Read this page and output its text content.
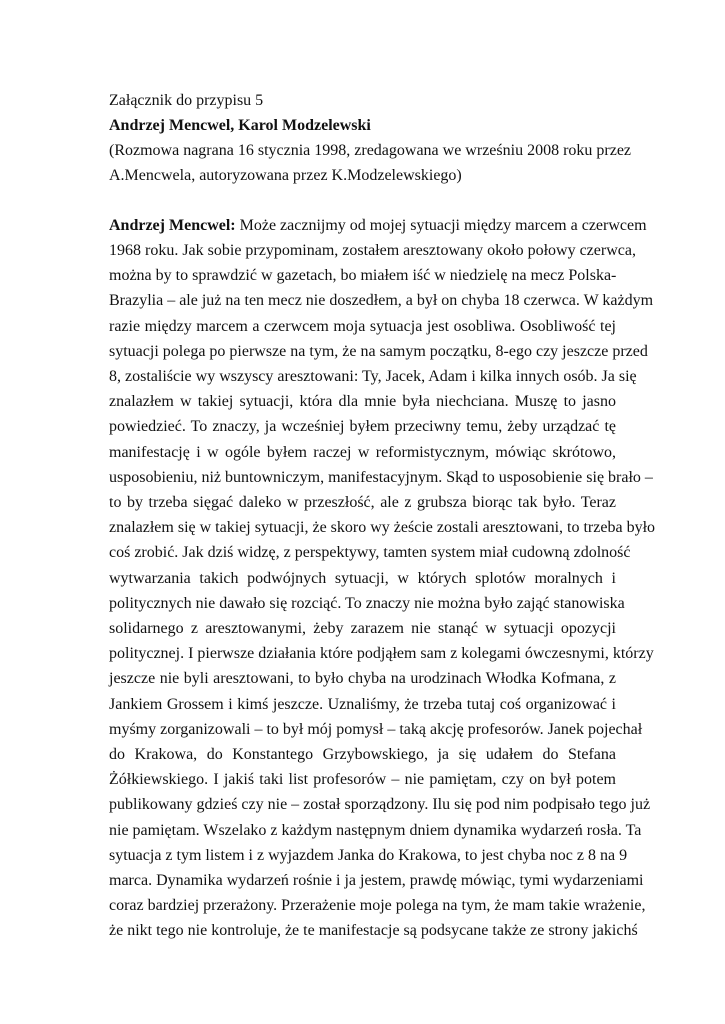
Załącznik do przypisu 5
Andrzej Mencwel, Karol Modzelewski
(Rozmowa nagrana 16 stycznia 1998, zredagowana we wrześniu 2008 roku przez
A.Mencwela, autoryzowana przez K.Modzelewskiego)
Andrzej Mencwel: Może zacznijmy od mojej sytuacji między marcem a czerwcem
1968 roku. Jak sobie przypominam, zostałem aresztowany około połowy czerwca,
można by to sprawdzić w gazetach, bo miałem iść w niedzielę na mecz Polska-
Brazylia – ale już na ten mecz nie doszedłem, a był on chyba 18 czerwca. W każdym
razie między marcem a czerwcem moja sytuacja jest osobliwa. Osobliwość tej
sytuacji polega po pierwsze na tym, że na samym początku, 8-ego czy jeszcze przed
8, zostaliście wy wszyscy aresztowani: Ty, Jacek, Adam i kilka innych osób. Ja się
znalazłem w takiej sytuacji, która dla mnie była niechciana. Muszę to jasno
powiedzieć. To znaczy, ja wcześniej byłem przeciwny temu, żeby urządzać tę
manifestację i w ogóle byłem raczej w reformistycznym, mówiąc skrótowo,
usposobieniu, niż buntowniczym, manifestacyjnym. Skąd to usposobienie się brało –
to by trzeba sięgać daleko w przeszłość, ale z grubsza biorąc tak było. Teraz
znalazłem się w takiej sytuacji, że skoro wy żeście zostali aresztowani, to trzeba było
coś zrobić. Jak dziś widzę, z perspektywy, tamten system miał cudowną zdolność
wytwarzania takich podwójnych sytuacji, w których splotów moralnych i
politycznych nie dawało się rozciąć. To znaczy nie można było zająć stanowiska
solidarnego z aresztowanymi, żeby zarazem nie stanąć w sytuacji opozycji
politycznej. I pierwsze działania które podjąłem sam z kolegami ówczesnymi, którzy
jeszcze nie byli aresztowani, to było chyba na urodzinach Włodka Kofmana, z
Jankiem Grossem i kimś jeszcze. Uznaliśmy, że trzeba tutaj coś organizować i
myśmy zorganizowali – to był mój pomysł – taką akcję profesorów. Janek pojechał
do Krakowa, do Konstantego Grzybowskiego, ja się udałem do Stefana
Żółkiewskiego. I jakiś taki list profesorów – nie pamiętam, czy on był potem
publikowany gdzieś czy nie – został sporządzony. Ilu się pod nim podpisało tego już
nie pamiętam. Wszelako z każdym następnym dniem dynamika wydarzeń rosła. Ta
sytuacja z tym listem i z wyjazdem Janka do Krakowa, to jest chyba noc z 8 na 9
marca. Dynamika wydarzeń rośnie i ja jestem, prawdę mówiąc, tymi wydarzeniami
coraz bardziej przerażony. Przerażenie moje polega na tym, że mam takie wrażenie,
że nikt tego nie kontroluje, że te manifestacje są podsycane także ze strony jakichś
